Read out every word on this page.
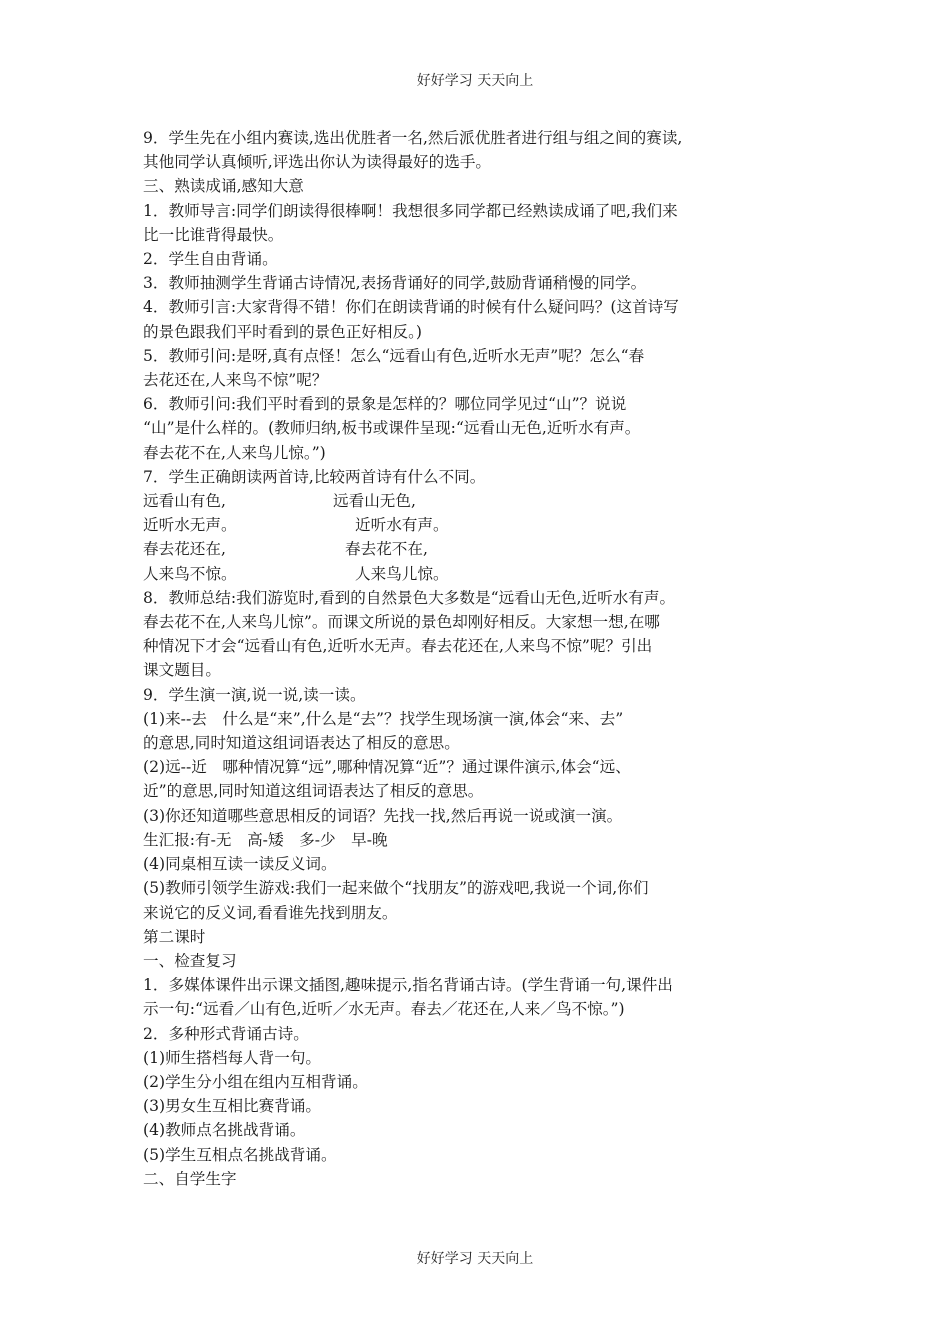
好好学习 天天向上
9．学生先在小组内赛读,选出优胜者一名,然后派优胜者进行组与组之间的赛读,
其他同学认真倾听,评选出你认为读得最好的选手。
三、熟读成诵,感知大意
1．教师导言:同学们朗读得很棒啊！我想很多同学都已经熟读成诵了吧,我们来
比一比谁背得最快。
2．学生自由背诵。
3．教师抽测学生背诵古诗情况,表扬背诵好的同学,鼓励背诵稍慢的同学。
4．教师引言:大家背得不错！你们在朗读背诵的时候有什么疑问吗？(这首诗写
的景色跟我们平时看到的景色正好相反。)
5．教师引问:是呀,真有点怪！怎么“远看山有色,近听水无声”呢？怎么“春
去花还在,人来鸟不惊”呢？
6．教师引问:我们平时看到的景象是怎样的？哪位同学见过“山”？说说
“山”是什么样的。(教师归纳,板书或课件呈现:“远看山无色,近听水有声。
春去花不在,人来鸟儿惊。”)
7．学生正确朗读两首诗,比较两首诗有什么不同。
远看山有色,	远看山无色,
近听水无声。	近听水有声。
春去花还在,	春去花不在,
人来鸟不惊。	人来鸟儿惊。
8．教师总结:我们游览时,看到的自然景色大多数是“远看山无色,近听水有声。
春去花不在,人来鸟儿惊”。而课文所说的景色却刚好相反。大家想一想,在哪
种情况下才会“远看山有色,近听水无声。春去花还在,人来鸟不惊”呢？引出
课文题目。
9．学生演一演,说一说,读一读。
(1)来--去　什么是“来”,什么是“去”？找学生现场演一演,体会“来、去”
的意思,同时知道这组词语表达了相反的意思。
(2)远--近　哪种情况算“远”,哪种情况算“近”？通过课件演示,体会“远、
近”的意思,同时知道这组词语表达了相反的意思。
(3)你还知道哪些意思相反的词语？先找一找,然后再说一说或演一演。
生汇报:有-无　高-矮　多-少　早-晚
(4)同桌相互读一读反义词。
(5)教师引领学生游戏:我们一起来做个“找朋友”的游戏吧,我说一个词,你们
来说它的反义词,看看谁先找到朋友。
第二课时
一、检查复习
1．多媒体课件出示课文插图,趣味提示,指名背诵古诗。(学生背诵一句,课件出
示一句:“远看／山有色,近听／水无声。春去／花还在,人来／鸟不惊。”)
2．多种形式背诵古诗。
(1)师生搭档每人背一句。
(2)学生分小组在组内互相背诵。
(3)男女生互相比赛背诵。
(4)教师点名挑战背诵。
(5)学生互相点名挑战背诵。
二、自学生字
好好学习 天天向上
